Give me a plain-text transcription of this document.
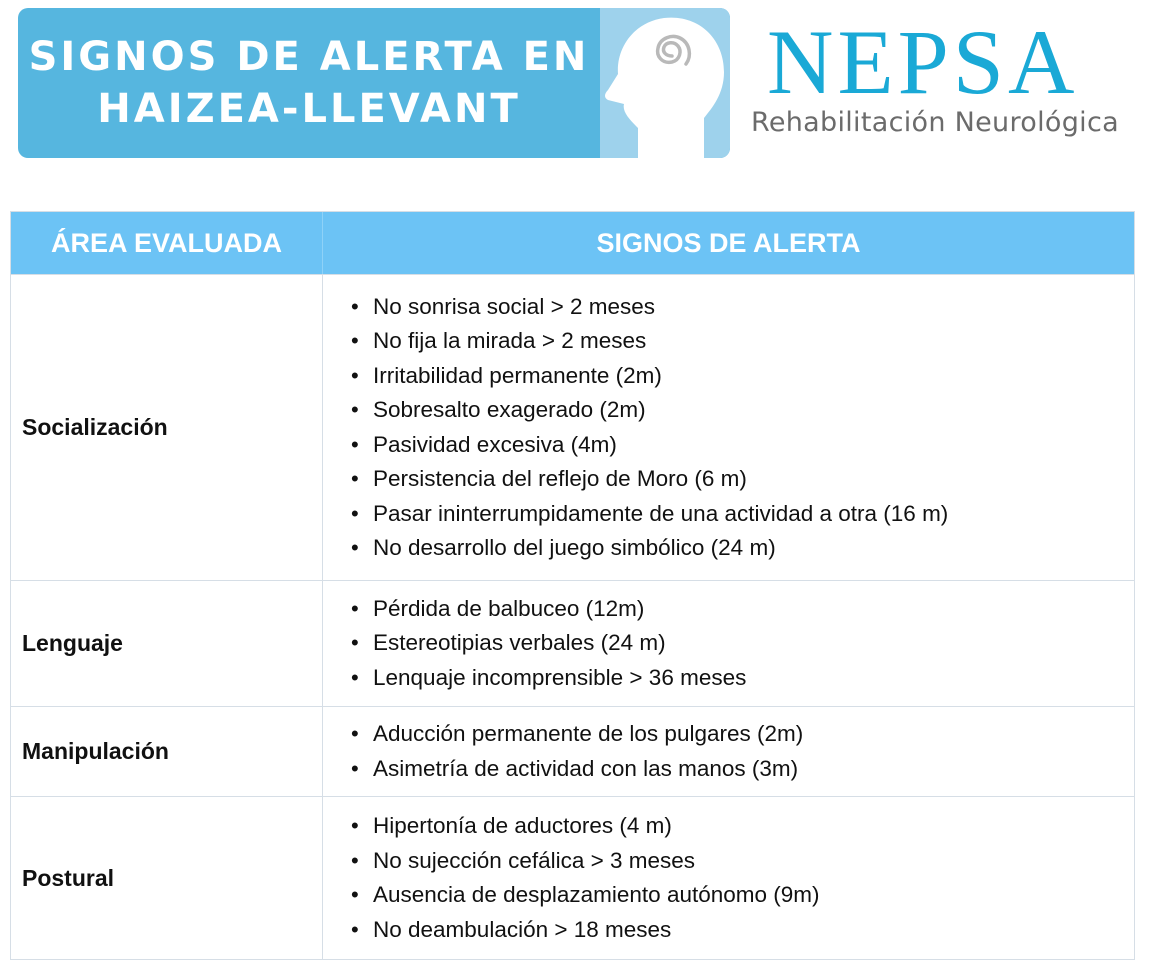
SIGNOS DE ALERTA EN
HAIZEA-LLEVANT	NEPSA
Rehabilitación Neurológica
ÁREA EVALUADA	SIGNOS DE ALERTA
Socialización
• No sonrisa social > 2 meses
• No fija la mirada > 2 meses
• Irritabilidad permanente (2m)
• Sobresalto exagerado (2m)
• Pasividad excesiva (4m)
• Persistencia del reflejo de Moro (6 m)
• Pasar ininterrumpidamente de una actividad a otra (16 m)
• No desarrollo del juego simbólico (24 m)
Lenguaje
• Pérdida de balbuceo (12m)
• Estereotipias verbales (24 m)
• Lenquaje incomprensible > 36 meses
Manipulación
• Aducción permanente de los pulgares (2m)
• Asimetría de actividad con las manos (3m)
Postural
• Hipertonía de aductores (4 m)
• No sujección cefálica > 3 meses
• Ausencia de desplazamiento autónomo (9m)
• No deambulación > 18 meses
